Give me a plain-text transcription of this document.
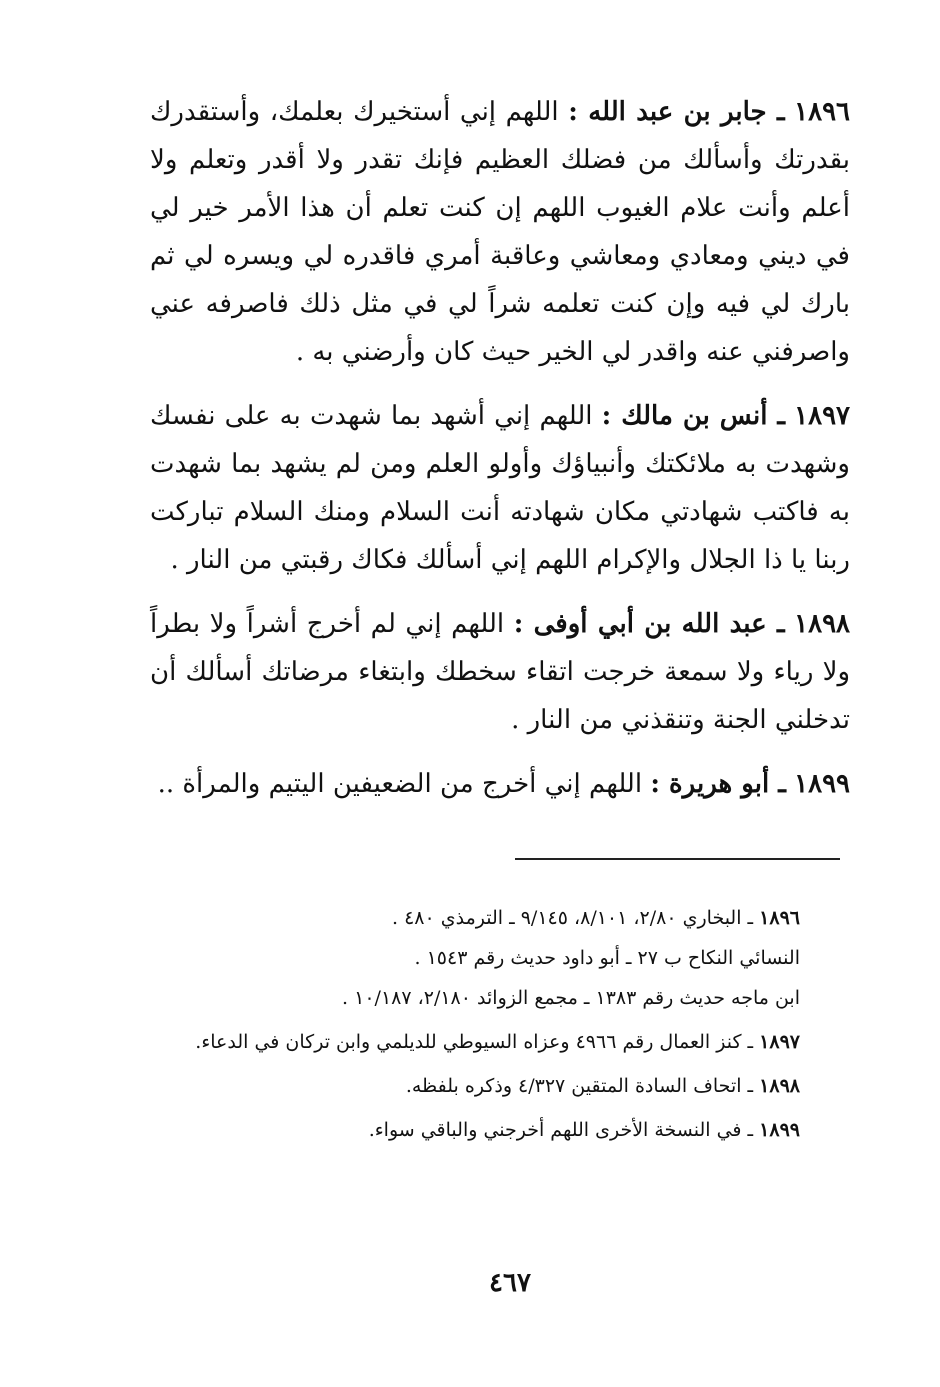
١٨٩٦ ـ جابر بن عبد الله : اللهم إني أستخيرك بعلمك، وأستقدرك بقدرتك وأسألك من فضلك العظيم فإنك تقدر ولا أقدر وتعلم ولا أعلم وأنت علام الغيوب اللهم إن كنت تعلم أن هذا الأمر خير لي في ديني ومعادي ومعاشي وعاقبة أمري فاقدره لي ويسره لي ثم بارك لي فيه وإن كنت تعلمه شراً لي في مثل ذلك فاصرفه عني واصرفني عنه واقدر لي الخير حيث كان وأرضني به .

١٨٩٧ ـ أنس بن مالك : اللهم إني أشهد بما شهدت به على نفسك وشهدت به ملائكتك وأنبياؤك وأولو العلم ومن لم يشهد بما شهدت به فاكتب شهادتي مكان شهادته أنت السلام ومنك السلام تباركت ربنا يا ذا الجلال والإكرام اللهم إني أسألك فكاك رقبتي من النار .

١٨٩٨ ـ عبد الله بن أبي أوفى : اللهم إني لم أخرج أشراً ولا بطراً ولا رياء ولا سمعة خرجت اتقاء سخطك وابتغاء مرضاتك أسألك أن تدخلني الجنة وتنقذني من النار .

١٨٩٩ ـ أبو هريرة : اللهم إني أخرج من الضعيفين اليتيم والمرأة ..

١٨٩٦ ـ البخاري ٢/٨٠، ٨/١٠١، ٩/١٤٥ ـ الترمذي ٤٨٠ .
النسائي النكاح ب ٢٧ ـ أبو داود حديث رقم ١٥٤٣ .
ابن ماجه حديث رقم ١٣٨٣ ـ مجمع الزوائد ٢/١٨٠، ١٠/١٨٧ .
١٨٩٧ ـ كنز العمال رقم ٤٩٦٦ وعزاه السيوطي للديلمي وابن تركان في الدعاء.
١٨٩٨ ـ اتحاف السادة المتقين ٤/٣٢٧ وذكره بلفظه.
١٨٩٩ ـ في النسخة الأخرى اللهم أخرجني والباقي سواء.
٤٦٧
